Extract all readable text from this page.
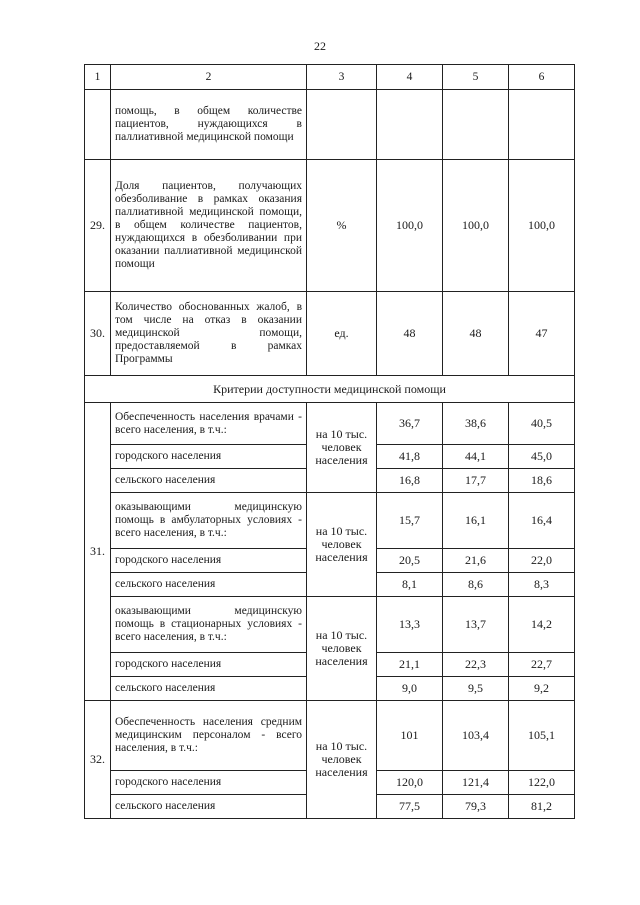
22
1	2	3	4	5	6
	помощь, в общем количестве пациентов, нуждающихся в паллиативной медицинской помощи				
29.	Доля пациентов, получающих обезболивание в рамках оказания паллиативной медицинской помощи, в общем количестве пациентов, нуждающихся в обезболивании при оказании паллиативной медицинской помощи	%	100,0	100,0	100,0
30.	Количество обоснованных жалоб, в том числе на отказ в оказании медицинской помощи, предоставляемой в рамках Программы	ед.	48	48	47
Критерии доступности медицинской помощи					
31.	Обеспеченность населения врачами - всего населения, в т.ч.:	на 10 тыс. человек населения	36,7	38,6	40,5
	городского населения		41,8	44,1	45,0
	сельского населения		16,8	17,7	18,6
	оказывающими медицинскую помощь в амбулаторных условиях - всего населения, в т.ч.:	на 10 тыс. человек населения	15,7	16,1	16,4
	городского населения		20,5	21,6	22,0
	сельского населения		8,1	8,6	8,3
	оказывающими медицинскую помощь в стационарных условиях - всего населения, в т.ч.:	на 10 тыс. человек населения	13,3	13,7	14,2
	городского населения		21,1	22,3	22,7
	сельского населения		9,0	9,5	9,2
32.	Обеспеченность населения средним медицинским персоналом - всего населения, в т.ч.:	на 10 тыс. человек населения	101	103,4	105,1
	городского населения		120,0	121,4	122,0
	сельского населения		77,5	79,3	81,2
